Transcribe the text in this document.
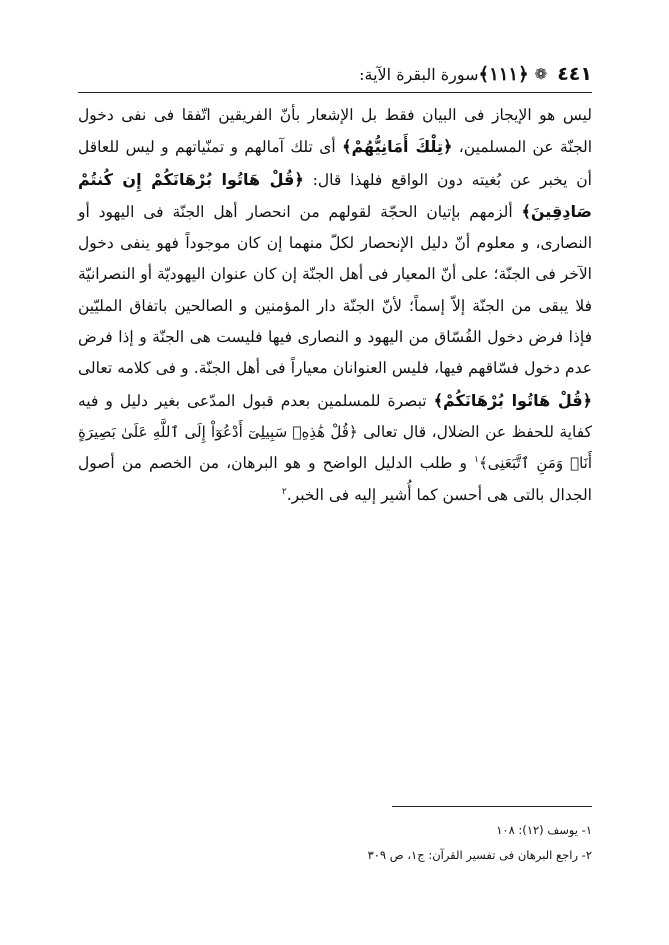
٤٤١
❁
﴿١١١﴾
سورة البقرة الآية:

ليس هو الإيجاز فى البيان فقط بل الإشعار بأنّ الفريقين اتّفقا فى نفى دخول الجنّة عن المسلمين، ﴿تِلْكَ أَمَانِيُّهُمْ﴾ أى تلك آمالهم و تمنّياتهم و ليس للعاقل أن يخبر عن بُغيته دون الواقع فلهذا قال: ﴿قُلْ هَاتُوا بُرْهَانَكُمْ إِن كُنتُمْ صَادِقِينَ﴾ ألزمهم بإتيان الحجّة لقولهم من انحصار أهل الجنّة فى اليهود أو النصارى، و معلوم أنّ دليل الإنحصار لكلّ منهما إن كان موجوداً فهو ينفى دخول الآخر فى الجنّة؛ على أنّ المعيار فى أهل الجنّة إن كان عنوان اليهوديّة أو النصرانيّة فلا يبقى من الجنّة إلاّ إسماً؛ لأنّ الجنّة دار المؤمنين و الصالحين باتفاق المليّين فإذا فرض دخول الفُسّاق من اليهود و النصارى فيها فليست هى الجنّة و إذا فرض عدم دخول فسّاقهم فيها، فليس العنوانان معياراً فى أهل الجنّة. و فى كلامه تعالى ﴿قُلْ هَاتُوا بُرْهَانَكُمْ﴾ تبصرة للمسلمين بعدم قبول المدّعى بغير دليل و فيه كفاية للحفظ عن الضلال، قال تعالى ﴿قُلْ هَٰذِهِۦ سَبِيلِىٓ أَدْعُوٓاْ إِلَى ٱللَّهِ عَلَىٰ بَصِيرَةٍ أَنَا۠ وَمَنِ ٱتَّبَعَنِى﴾$^١$ و طلب الدليل الواضح و هو البرهان، من الخصم من أصول الجدال بالتى هى أحسن كما أُشير إليه فى الخبر.$^٢$

١- يوسف (١٢): ١٠٨
٢- راجع البرهان فى تفسير القرآن: ج١، ص ٣٠٩
